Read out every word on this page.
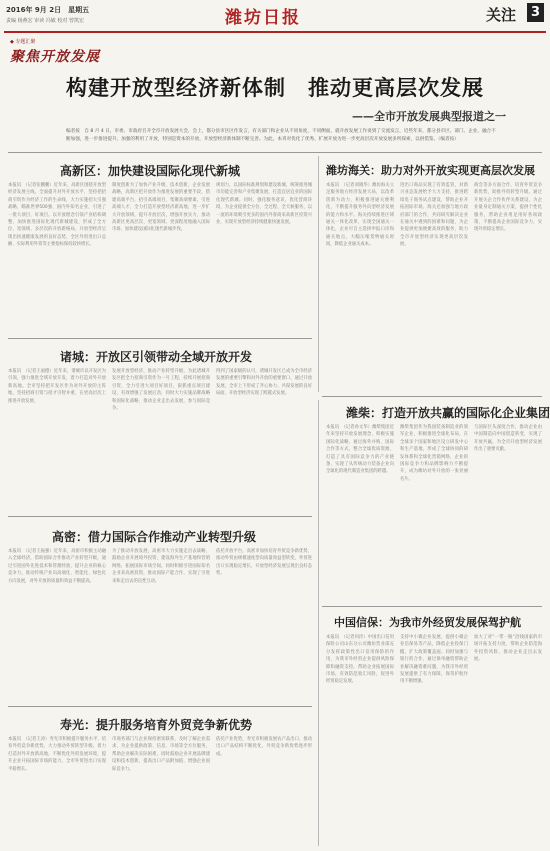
2016年 9月 2日　星期五
责编 杨燕宏 审读 冯敏 校对 曾凯宏	潍坊日报	关注	3
◆ 专题汇聚
聚焦开放发展
构建开放型经济新体制　推动更高层次发展
——全市开放发展典型报道之一
编者按　自 8 月 4 日，市委、市政府召开全市开放发展大会，会上，都分县市区区作发言，有关部门和企业从不同角度，不同侧面，就开放发展工作谈到了交流发言，近些年来，都分县市区、部门、企业、融合不断加强，进一步推进提升，加强的利用了开放，特别是资本的开放，开放型经济新体制不断完善。为此，本刊对优化了优秀、扩展开放为进一步更高层次开放发展多所探索，以供借鉴。（编者按）
高新区：加快建设国际化现代新城
本报讯　（记者张鹏鹏）近年来，高新区围绕开放型经济发展主线，全面提升对外开放水平，坚持把招商引资作为经济工作的生命线，大力实施招大引强战略，瞄准世界500强、国内外知名企业，引进了一批大项目、好项目。以开放理念引领产业结构调整，加快推进国际化现代新城建设，形成了全方位、宽领域、多层次的开放新格局，开放型经济呈现出快速健康发展的良好态势，全区外贸进出口总额、实际利用外资等主要指标保持较快增长。
制度创新为了加快产业升级，技术创新，企业发展战略，高新区把开放作为推进发展的重要手段，搭建高端平台，招引高端项目，集聚高端要素，引进高端人才，全力打造开放型经济新高地，进一步扩大开放领域，提升开放层次，增强开放实力，推动高新区更高层次、更宽领域、更深程度地融入国际市场，加快建设国际化现代新城步伐。
规划力，以国际标准规划和建设新城，统筹推进城市功能完善和产业集聚发展，打造宜居宜业的国际化现代新城。同时，强化服务意识，优化营商环境，为企业提供全方位、全过程、全天候服务，以一流的环境吸引更多的国内外客商来高新区投资兴业，实现开放型经济持续健康快速发展。
潍坊海关：助力对外开放实现更高层次发展
本报讯　（记者刘晓华）潍坊海关立足服务地方经济发展大局，以改革创新为动力，积极推进通关便利化，不断提升服务外向型经济发展的能力和水平。海关持续推进区域通关一体化改革，实现全国通关一体化，企业可自主选择申报口岸和通关地点，大幅压缩货物通关时间，降低企业通关成本。
进出口商品实现了有效监管，对新兴业态发展给予大力支持，推进跨境电子商务试点建设，帮助企业开拓国际市场。海关还加强与地方政府部门的合作，共同研究解决企业在通关中遇到的困难和问题，为企业提供更加便捷高效的服务，助力全市开放型经济实现更高层次发展。
商会等多方面合作，培育外贸竞争新优势，助推外贸转型升级。通过开展关企合作伙伴关系建设，为企业量身定制通关方案，提供个性化服务，帮助企业用足用好各项政策，不断提高企业国际竞争力，实现外贸稳定增长。
诸城：开放区引领带动全域开放开发
本报讯　（记者王福德）近年来，诸城市以开发区为引领，强力推进全域开放开发，着力打造对外开放新高地。全市坚持把开发区作为对外开放的主阵地，坚持招商引资与招才引智并重，在更高层次上推进开放发展。
发展开放型经济，推动产业转型升级，为此诸城开发区把全力招商引资作为一号工程，持续开展招商引资，全力引进大项目好项目，狠抓重点项目建设，有效增强了发展后劲，同时大力实施品牌战略和国际化战略，推动企业走出去发展，参与国际竞争。
得到了国家级的认可，诸城开发区已成为全市经济发展的重要引擎和对外开放的重要窗口，通过开放发展，全市上下形成了齐心协力、共谋发展的良好局面，开放型经济实现了跨越式发展。
潍柴：打造开放共赢的国际化企业集团
本报讯　（记者孙文华）潍柴集团近年来坚持开放发展理念，积极实施国际化战略，通过海外并购、国际合作等方式，整合全球优质资源，打造了具有国际竞争力的产业链条，实现了从传统动力装备企业向全球化的现代制造业集团的跨越。
潍柴集团作为我国装备制造业的领军企业，积极推进全球化布局，在全球多个国家和地区设立研发中心和生产基地，形成了全球协同的研发体系和全球化营销网络，企业的国际竞争力和品牌影响力不断提升，成为潍坊对外开放的一张亮丽名片。
与国际巨头深度合作，推动企业由中国制造向中国创造转变，实现了开放共赢，为全市开放型经济发展作出了重要贡献。
高密：借力国际合作推动产业转型升级
本报讯　（记者王振强）近年来，高密市积极主动融入全球经济，借助国际合作推动产业转型升级，通过引进国外先进技术和管理经验，提升企业的核心竞争力，推动传统产业向高端化、智能化、绿色化方向发展，对外开放的质量和效益不断提高。
为了推动开放发展，高密市大力实施走出去战略，鼓励企业开展境外投资，建设海外生产基地和营销网络，拓展国际市场空间，同时积极引进国际知名企业来高密投资，推动国际产能合作，实现了引进来和走出去的良性互动。
依托开放平台，高密市加快培育外贸竞争新优势，推动外贸由规模速度型向质量效益型转变，外贸进出口实现稳定增长，开放型经济发展呈现出良好态势。
中国信保：为我市外经贸发展保驾护航
本报讯　（记者何洋）中国出口信用保险公司山东分公司潍坊营业部充分发挥政策性出口信用保险的作用，为我市外经贸企业提供风险保障和融资支持，帮助企业拓展国际市场，有效防范收汇风险，促进外经贸稳定发展。
支持中小微企业发展，提供小微企业信保易等产品，降低企业投保门槛，扩大政策覆盖面。同时加强与银行的合作，通过保单融资帮助企业解决融资难问题，为我市外经贸发展提供了有力保障，保驾护航作用不断增强。
加大了对“一带一路”沿线国家的市场开拓支持力度，帮助企业防范海外投资风险，推动企业走出去发展。
寿光：提升服务培育外贸竞争新优势
本报讯　（记者王涛）寿光市积极提升服务水平，培育外贸竞争新优势，大力推动外贸转型升级，着力打造对外开放新高地，不断优化外贸发展环境，提升企业开拓国际市场的能力，全市外贸进出口实现平稳增长。
市商务部门与企业保持密切联系，及时了解企业需求，为企业提供政策、信息、市场等全方位服务，帮助企业解决实际困难，同时鼓励企业开展品牌建设和技术创新，提高出口产品附加值，增强企业国际竞争力。
依托产业优势，寿光市积极发展农产品出口，推动出口产品结构不断优化，外贸竞争新优势逐步形成。
